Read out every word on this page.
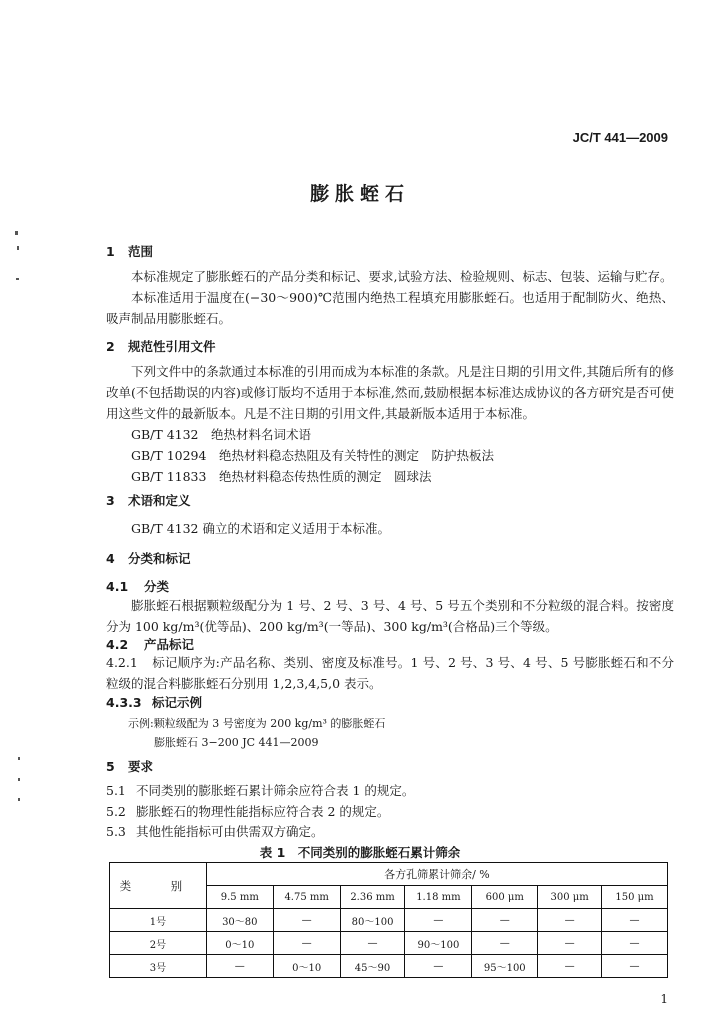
JC/T 441—2009
膨胀蛭石
1 范围
本标准规定了膨胀蛭石的产品分类和标记、要求,试验方法、检验规则、标志、包装、运输与贮存。
本标准适用于温度在(−30～900)℃范围内绝热工程填充用膨胀蛭石。也适用于配制防火、绝热、吸声制品用膨胀蛭石。
2 规范性引用文件
下列文件中的条款通过本标准的引用而成为本标准的条款。凡是注日期的引用文件,其随后所有的修改单(不包括勘误的内容)或修订版均不适用于本标准,然而,鼓励根据本标准达成协议的各方研究是否可使用这些文件的最新版本。凡是不注日期的引用文件,其最新版本适用于本标准。
GB/T 4132　绝热材料名词术语
GB/T 10294　绝热材料稳态热阻及有关特性的测定　防护热板法
GB/T 11833　绝热材料稳态传热性质的测定　圆球法
3 术语和定义
GB/T 4132 确立的术语和定义适用于本标准。
4 分类和标记
4.1 分类
膨胀蛭石根据颗粒级配分为 1 号、2 号、3 号、4 号、5 号五个类别和不分粒级的混合料。按密度分为 100 kg/m³(优等品)、200 kg/m³(一等品)、300 kg/m³(合格品)三个等级。
4.2 产品标记
4.2.1 标记顺序为:产品名称、类别、密度及标准号。1 号、2 号、3 号、4 号、5 号膨胀蛭石和不分粒级的混合料膨胀蛭石分别用 1,2,3,4,5,0 表示。
4.3.3 标记示例
示例:颗粒级配为 3 号密度为 200 kg/m³ 的膨胀蛭石
膨胀蛭石 3−200 JC 441—2009
5 要求
5.1 不同类别的膨胀蛭石累计筛余应符合表 1 的规定。
5.2 膨胀蛭石的物理性能指标应符合表 2 的规定。
5.3 其他性能指标可由供需双方确定。
表 1　不同类别的膨胀蛭石累计筛余
类　别	各方孔筛累计筛余/ %						
	9.5 mm	4.75 mm	2.36 mm	1.18 mm	600 μm	300 μm	150 μm
1号	30～80	—	80～100	—	—	—	—
2号	0～10	—	—	90～100	—	—	—
3号	—	0～10	45～90	—	95～100	—	—
1
